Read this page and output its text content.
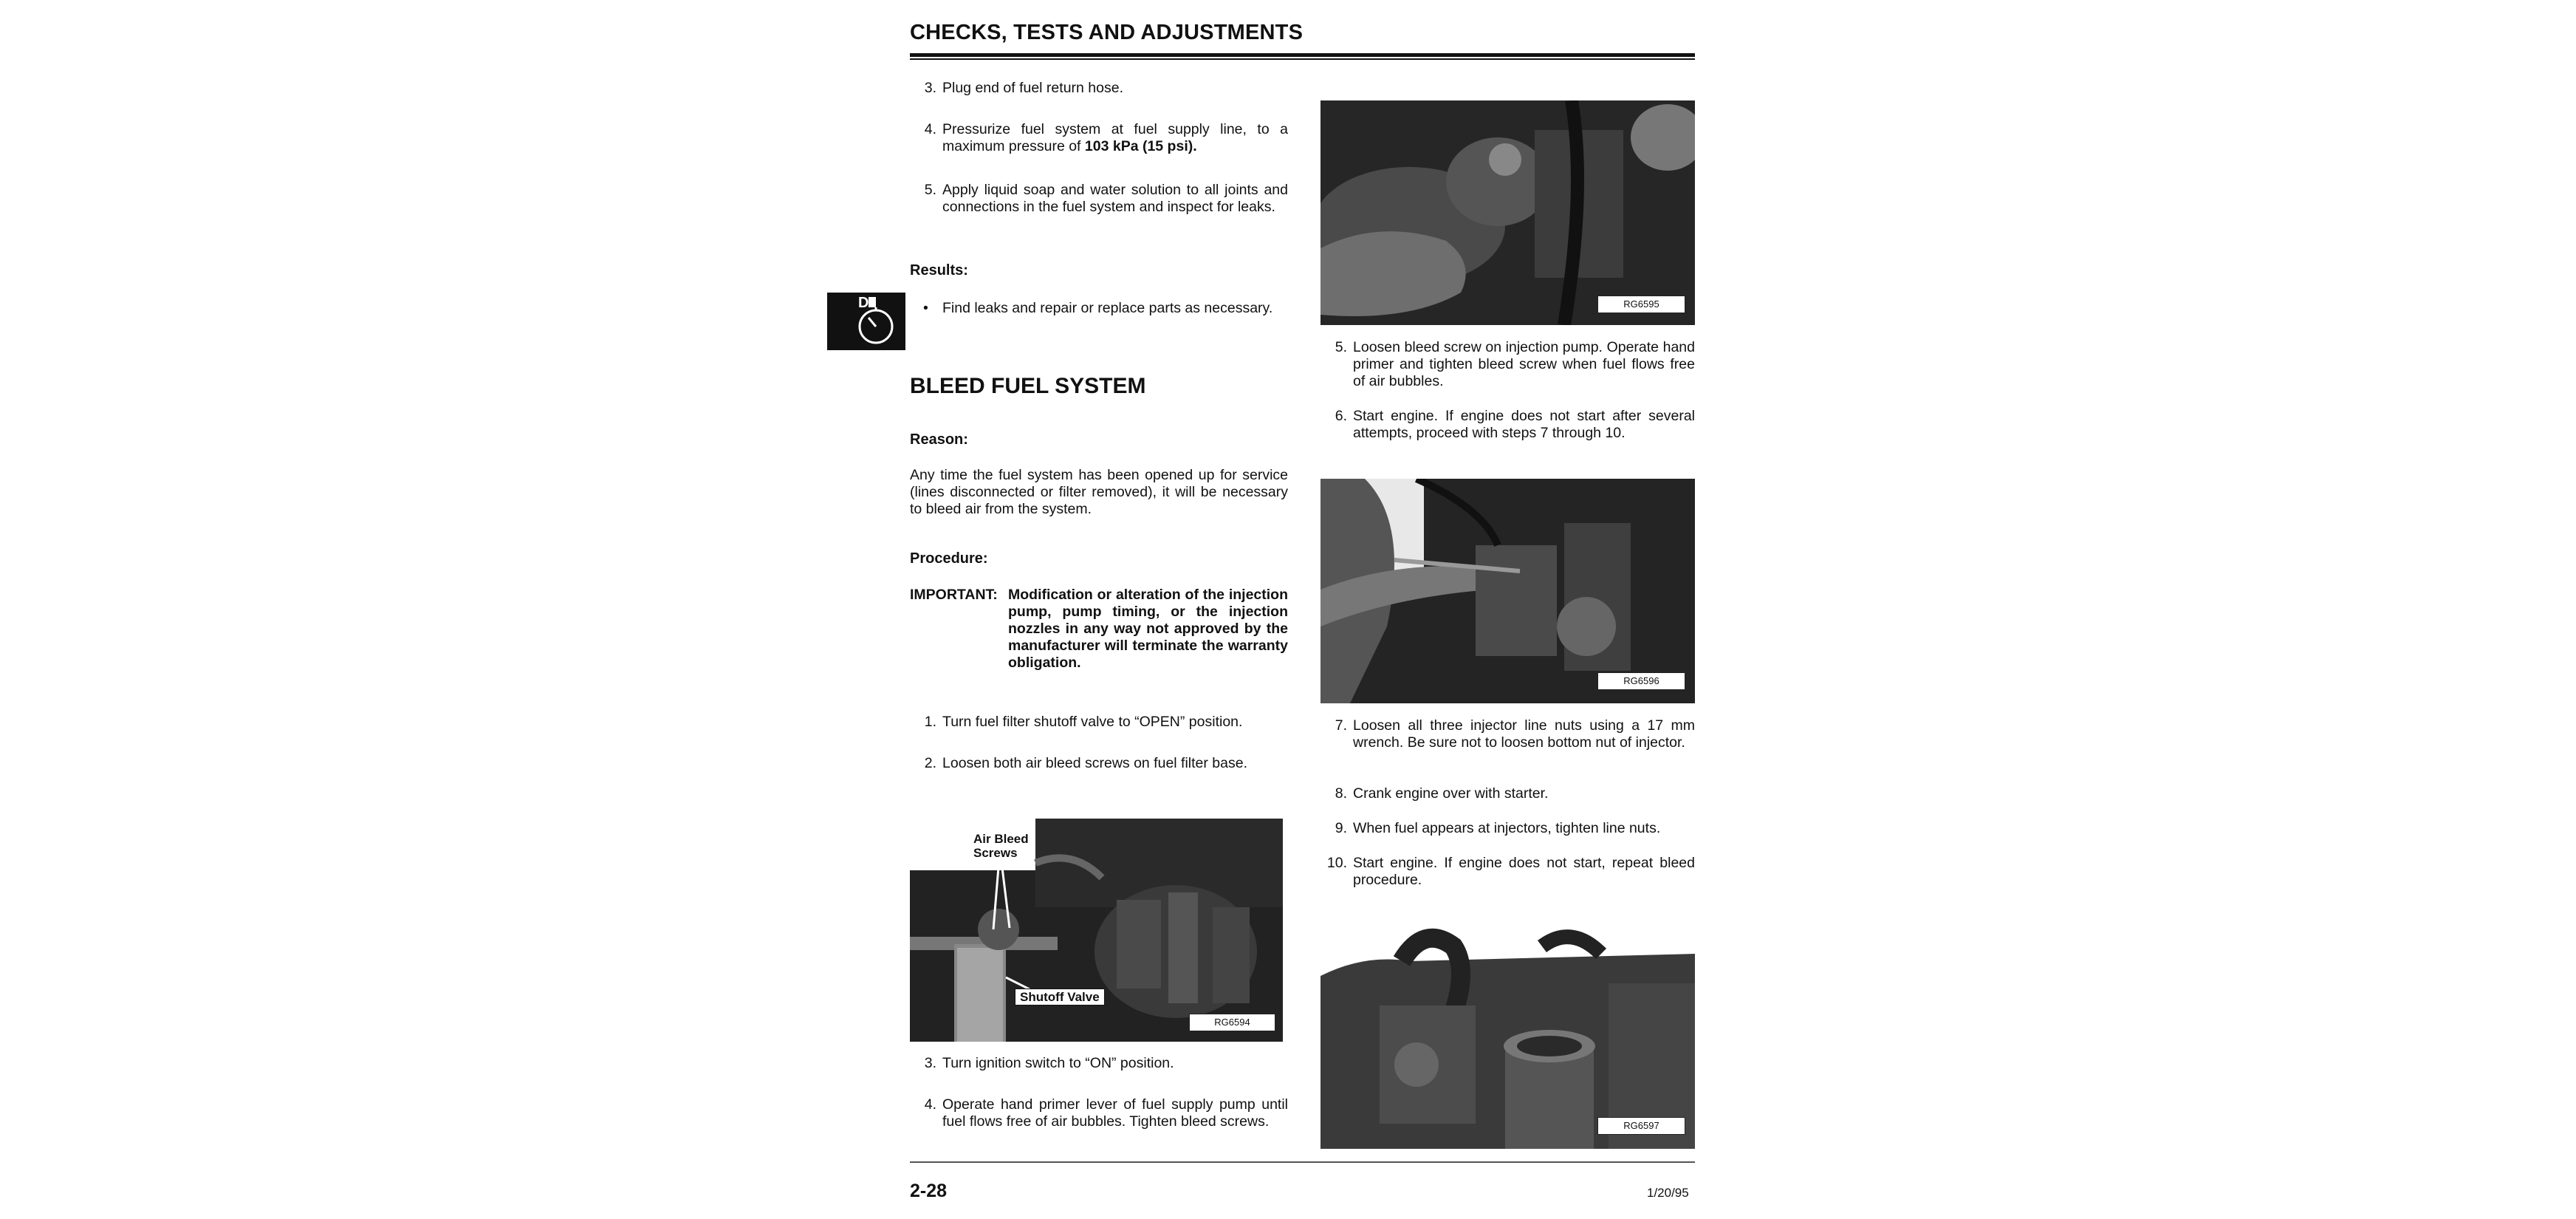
CHECKS, TESTS AND ADJUSTMENTS
3. Plug end of fuel return hose.
4. Pressurize fuel system at fuel supply line, to a maximum pressure of 103 kPa (15 psi).
5. Apply liquid soap and water solution to all joints and connections in the fuel system and inspect for leaks.
Results:
D	• Find leaks and repair or replace parts as necessary.
BLEED FUEL SYSTEM
Reason:
Any time the fuel system has been opened up for service (lines disconnected or filter removed), it will be necessary to bleed air from the system.
Procedure:
IMPORTANT: Modification or alteration of the injection pump, pump timing, or the injection nozzles in any way not approved by the manufacturer will terminate the warranty obligation.
1. Turn fuel filter shutoff valve to “OPEN” position.
2. Loosen both air bleed screws on fuel filter base.
Air Bleed
Screws
Shutoff Valve
RG6594
3. Turn ignition switch to “ON” position.
4. Operate hand primer lever of fuel supply pump until fuel flows free of air bubbles. Tighten bleed screws.
RG6595
5. Loosen bleed screw on injection pump. Operate hand primer and tighten bleed screw when fuel flows free of air bubbles.
6. Start engine. If engine does not start after several attempts, proceed with steps 7 through 10.
RG6596
7. Loosen all three injector line nuts using a 17 mm wrench. Be sure not to loosen bottom nut of injector.
8. Crank engine over with starter.
9. When fuel appears at injectors, tighten line nuts.
10. Start engine. If engine does not start, repeat bleed procedure.
RG6597
2-28	1/20/95
